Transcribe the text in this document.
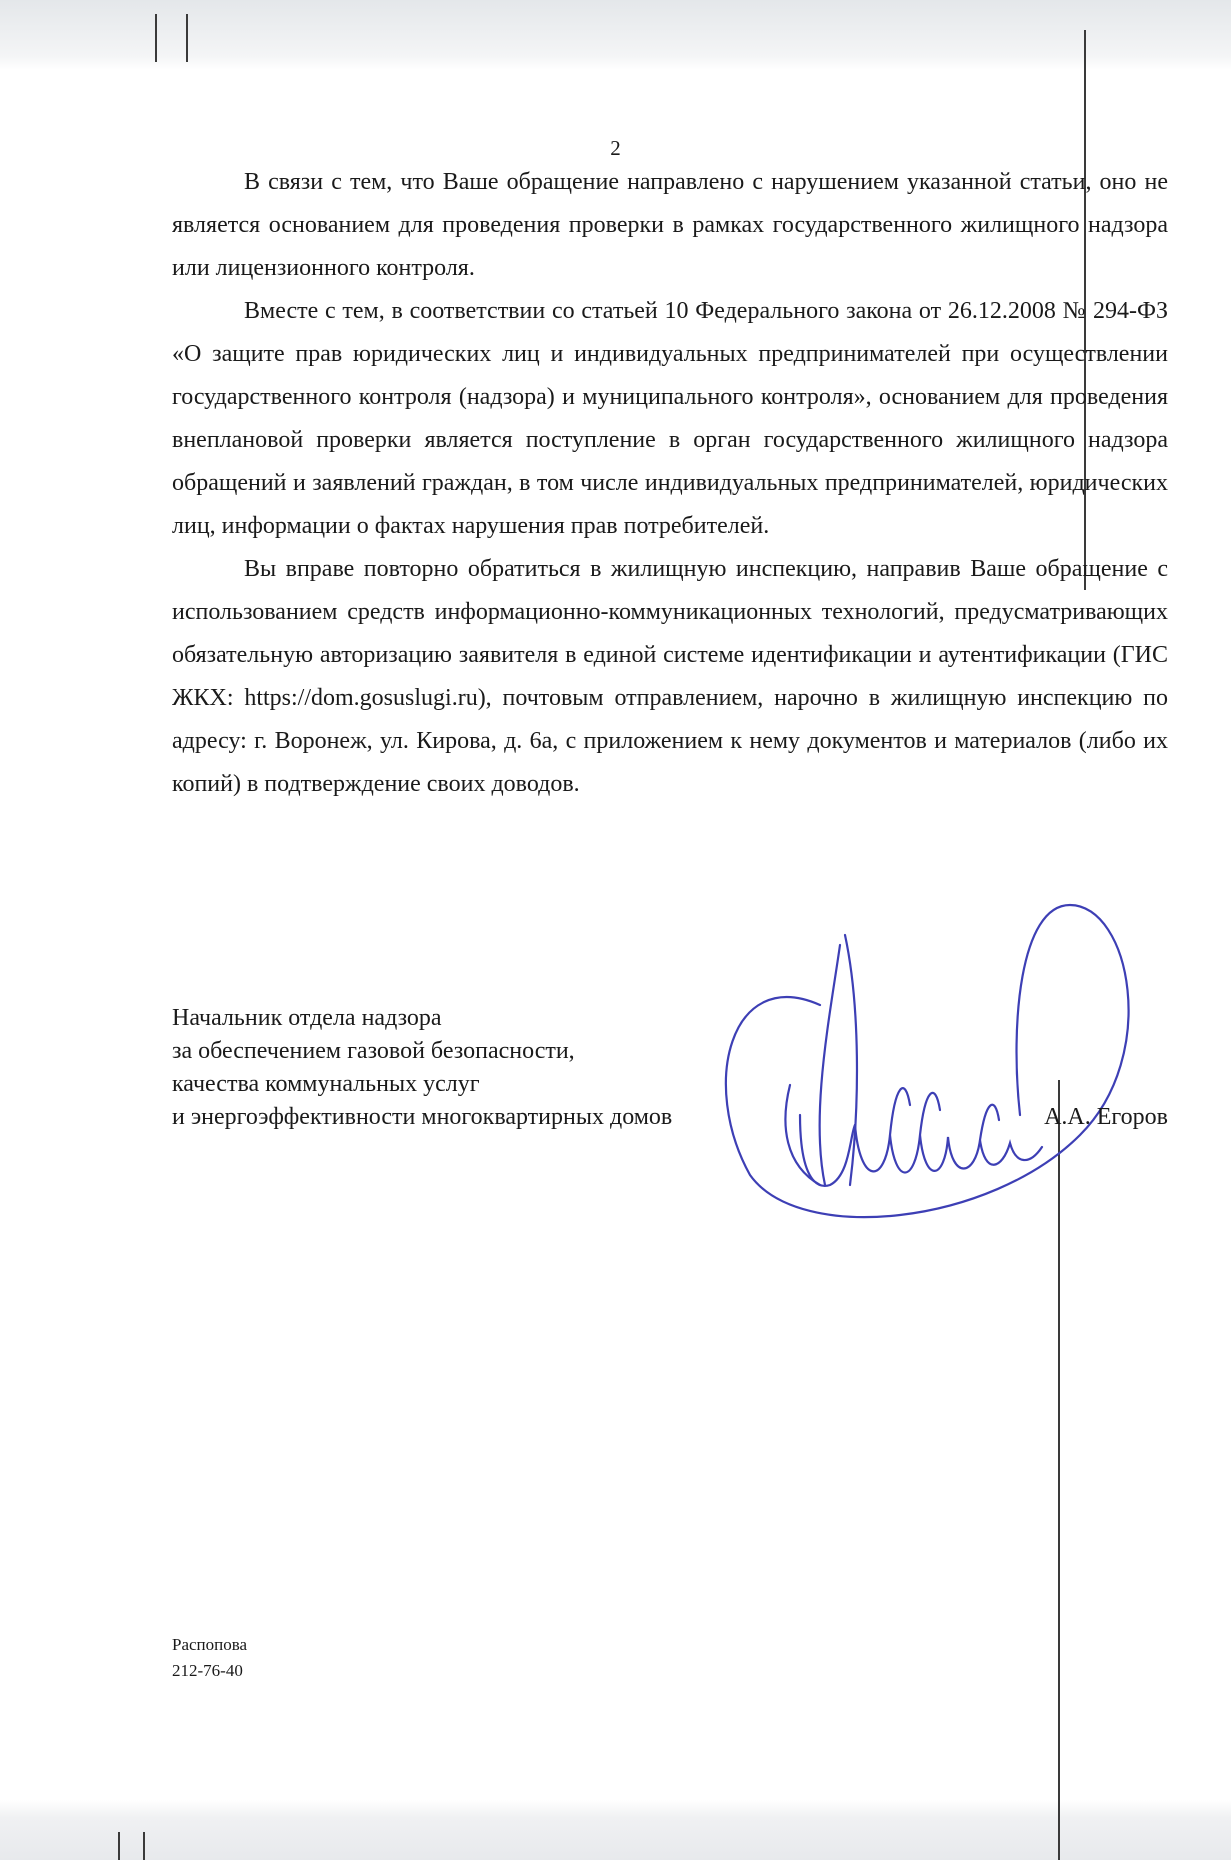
2

В связи с тем, что Ваше обращение направлено с нарушением указанной статьи, оно не является основанием для проведения проверки в рамках государственного жилищного надзора или лицензионного контроля.

Вместе с тем, в соответствии со статьей 10 Федерального закона от 26.12.2008 № 294-ФЗ «О защите прав юридических лиц и индивидуальных предпринимателей при осуществлении государственного контроля (надзора) и муниципального контроля», основанием для проведения внеплановой проверки является поступление в орган государственного жилищного надзора обращений и заявлений граждан, в том числе индивидуальных предпринимателей, юридических лиц, информации о фактах нарушения прав потребителей.

Вы вправе повторно обратиться в жилищную инспекцию, направив Ваше обращение с использованием средств информационно-коммуникационных технологий, предусматривающих обязательную авторизацию заявителя в единой системе идентификации и аутентификации (ГИС ЖКХ: https://dom.gosuslugi.ru), почтовым отправлением, нарочно в жилищную инспекцию по адресу: г. Воронеж, ул. Кирова, д. 6а, с приложением к нему документов и материалов (либо их копий) в подтверждение своих доводов.

Начальник отдела надзора
за обеспечением газовой безопасности,
качества коммунальных услуг
и энергоэффективности многоквартирных домов	А.А. Егоров
Распопова
212-76-40
